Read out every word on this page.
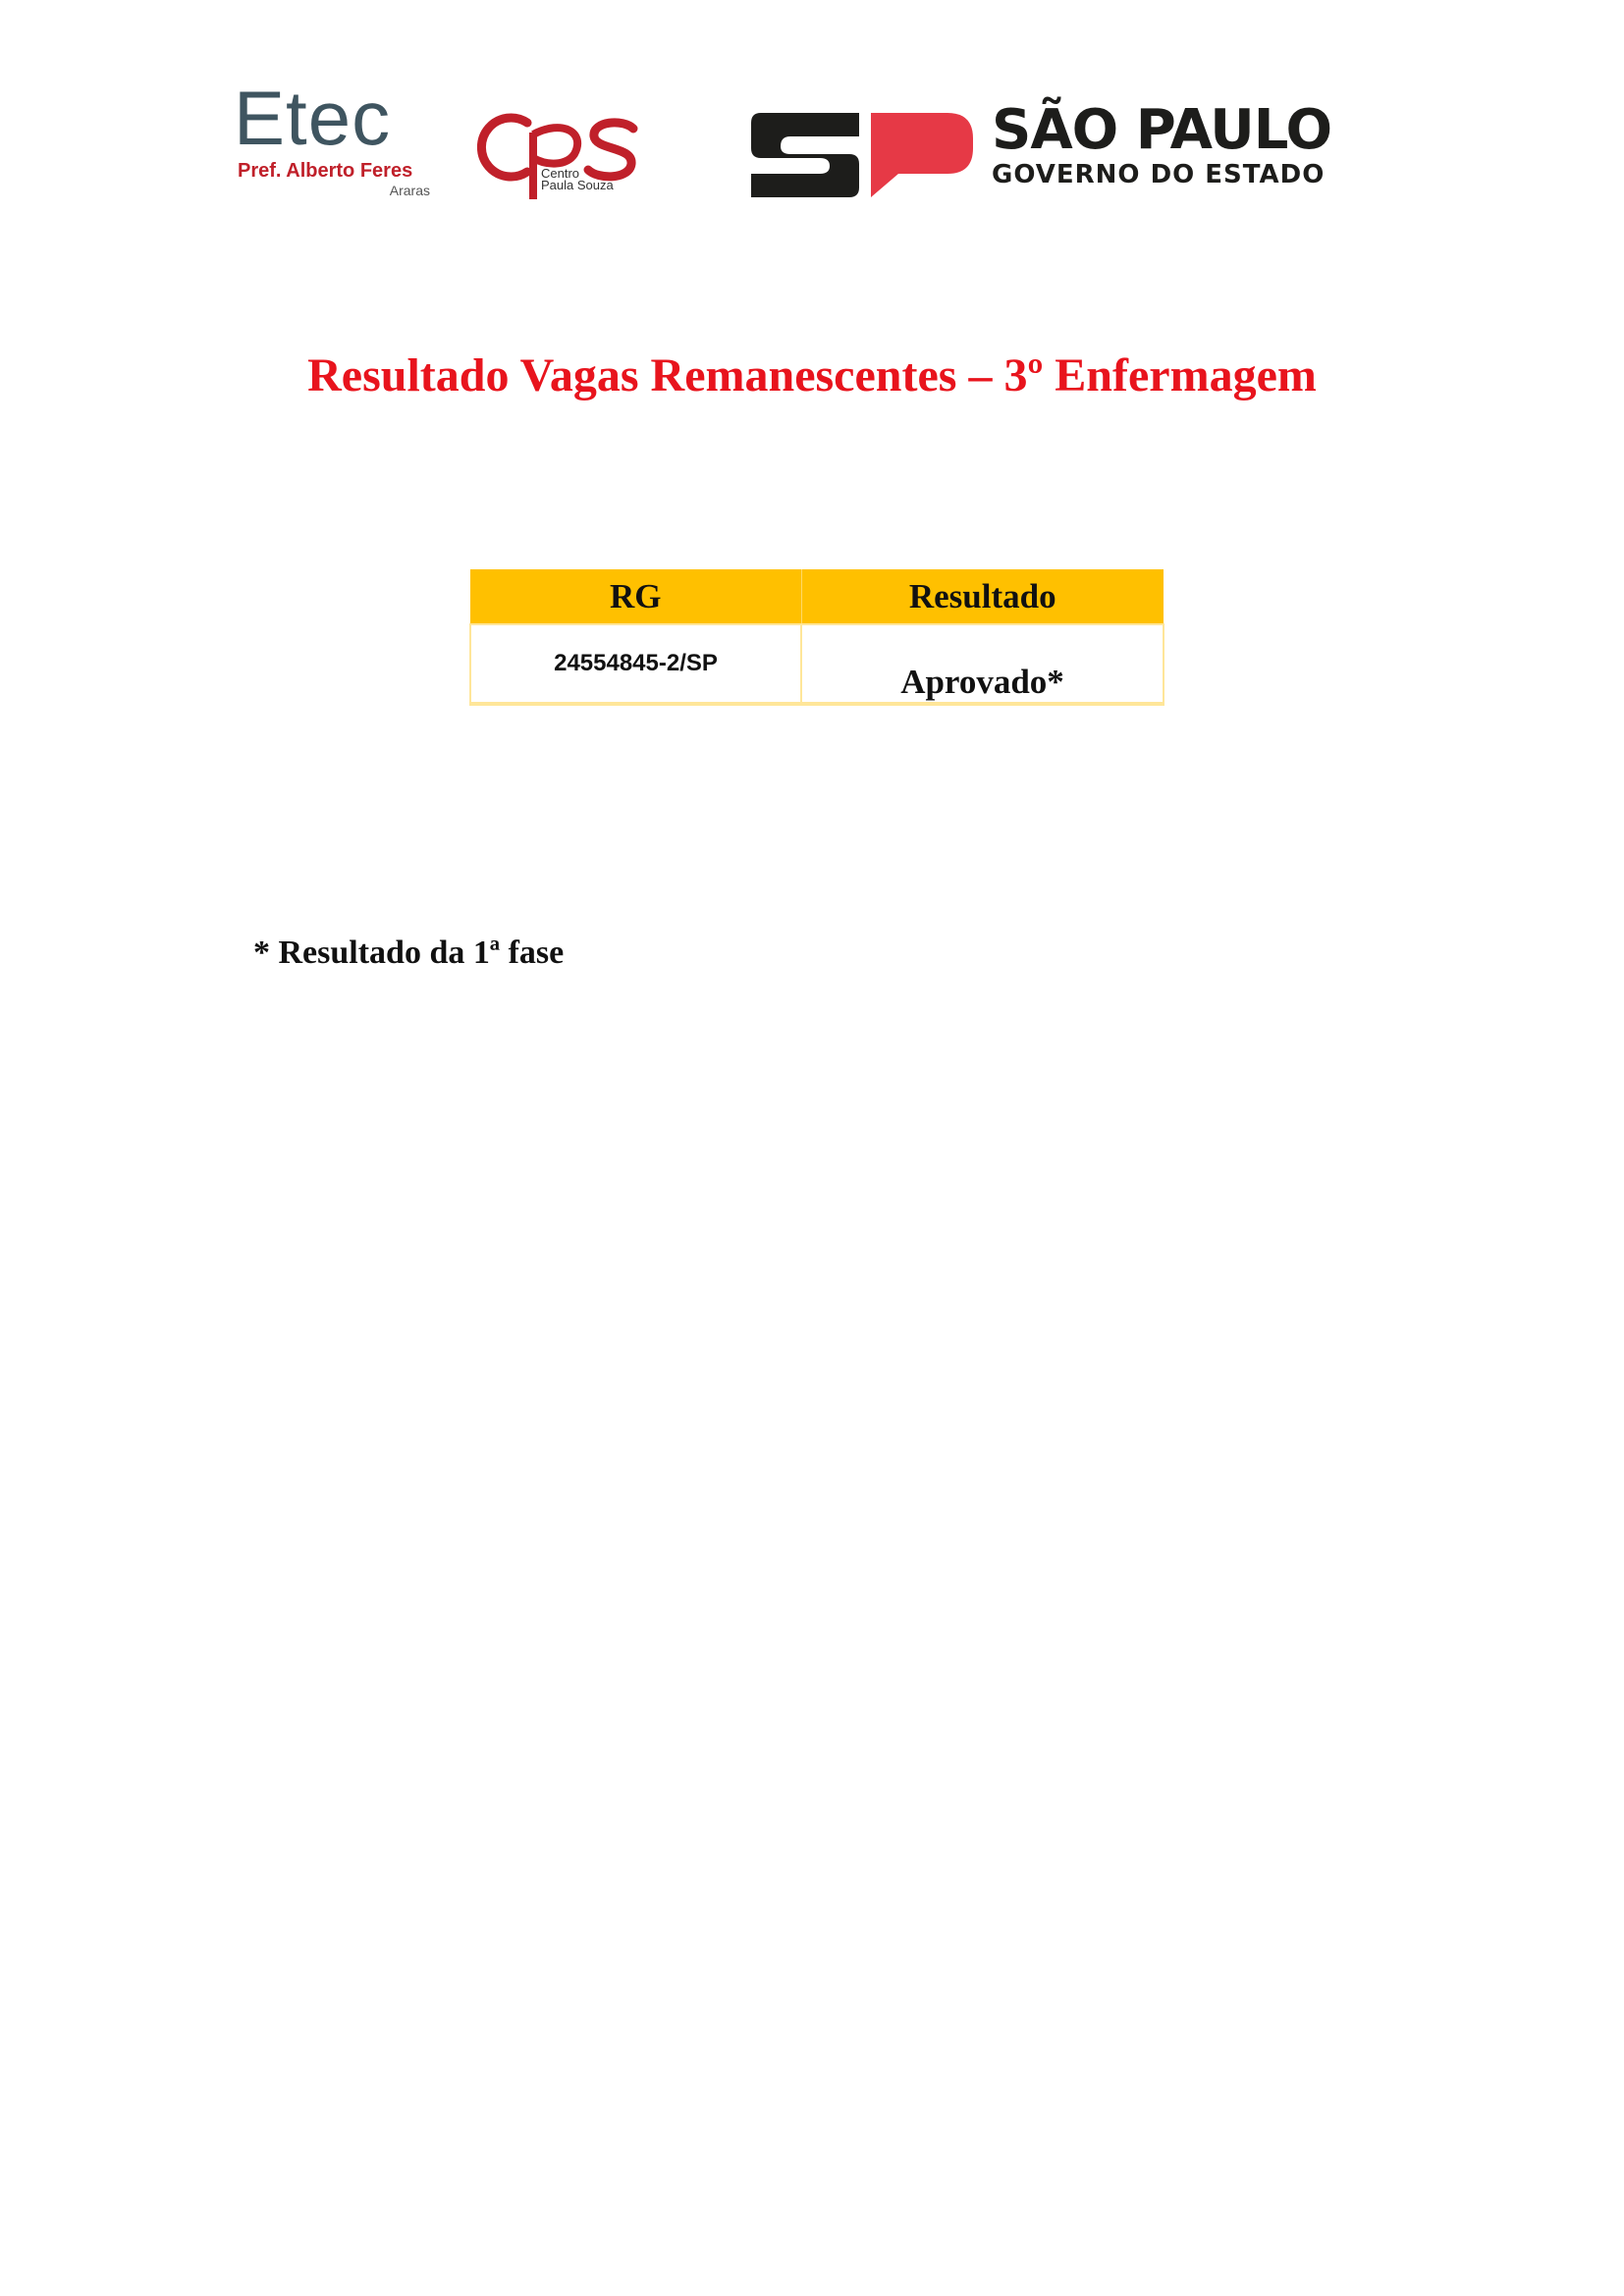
Etec
Pref. Alberto Feres
Araras
Centro
Paula Souza
SÃO PAULO
GOVERNO DO ESTADO
Resultado Vagas Remanescentes – 3º Enfermagem
RG	Resultado
24554845-2/SP	Aprovado*

* Resultado da 1ª fase
